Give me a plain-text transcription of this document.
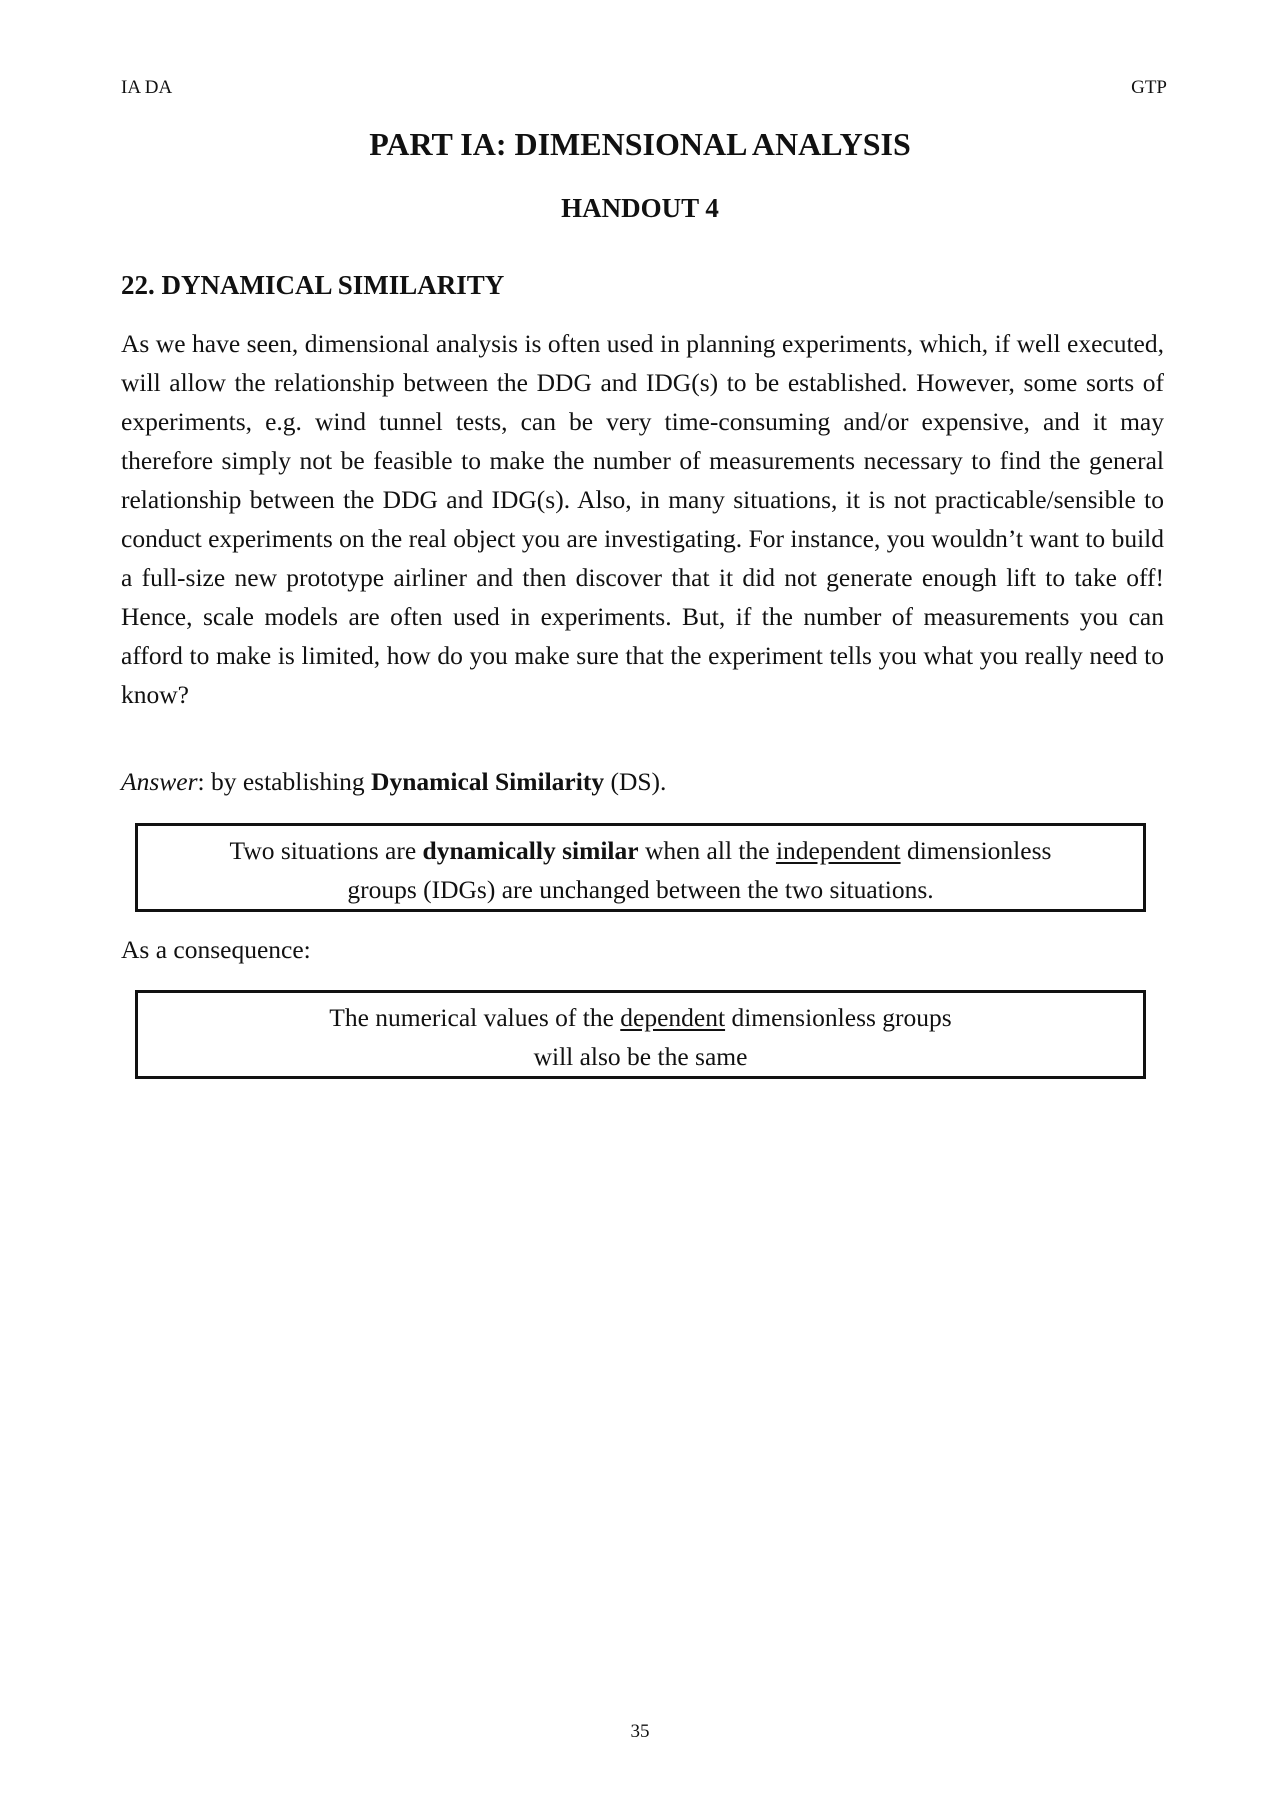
IA DA	GTP
PART IA: DIMENSIONAL ANALYSIS
HANDOUT 4
22. DYNAMICAL SIMILARITY

As we have seen, dimensional analysis is often used in planning experiments, which, if well executed, will allow the relationship between the DDG and IDG(s) to be established. However, some sorts of experiments, e.g. wind tunnel tests, can be very time-consuming and/or expensive, and it may therefore simply not be feasible to make the number of measurements necessary to find the general relationship between the DDG and IDG(s). Also, in many situations, it is not practicable/sensible to conduct experiments on the real object you are investigating. For instance, you wouldn’t want to build a full-size new prototype airliner and then discover that it did not generate enough lift to take off! Hence, scale models are often used in experiments. But, if the number of measurements you can afford to make is limited, how do you make sure that the experiment tells you what you really need to know?

Answer: by establishing Dynamical Similarity (DS).
Two situations are dynamically similar when all the independent dimensionless
groups (IDGs) are unchanged between the two situations.
As a consequence:
The numerical values of the dependent dimensionless groups
will also be the same
35
